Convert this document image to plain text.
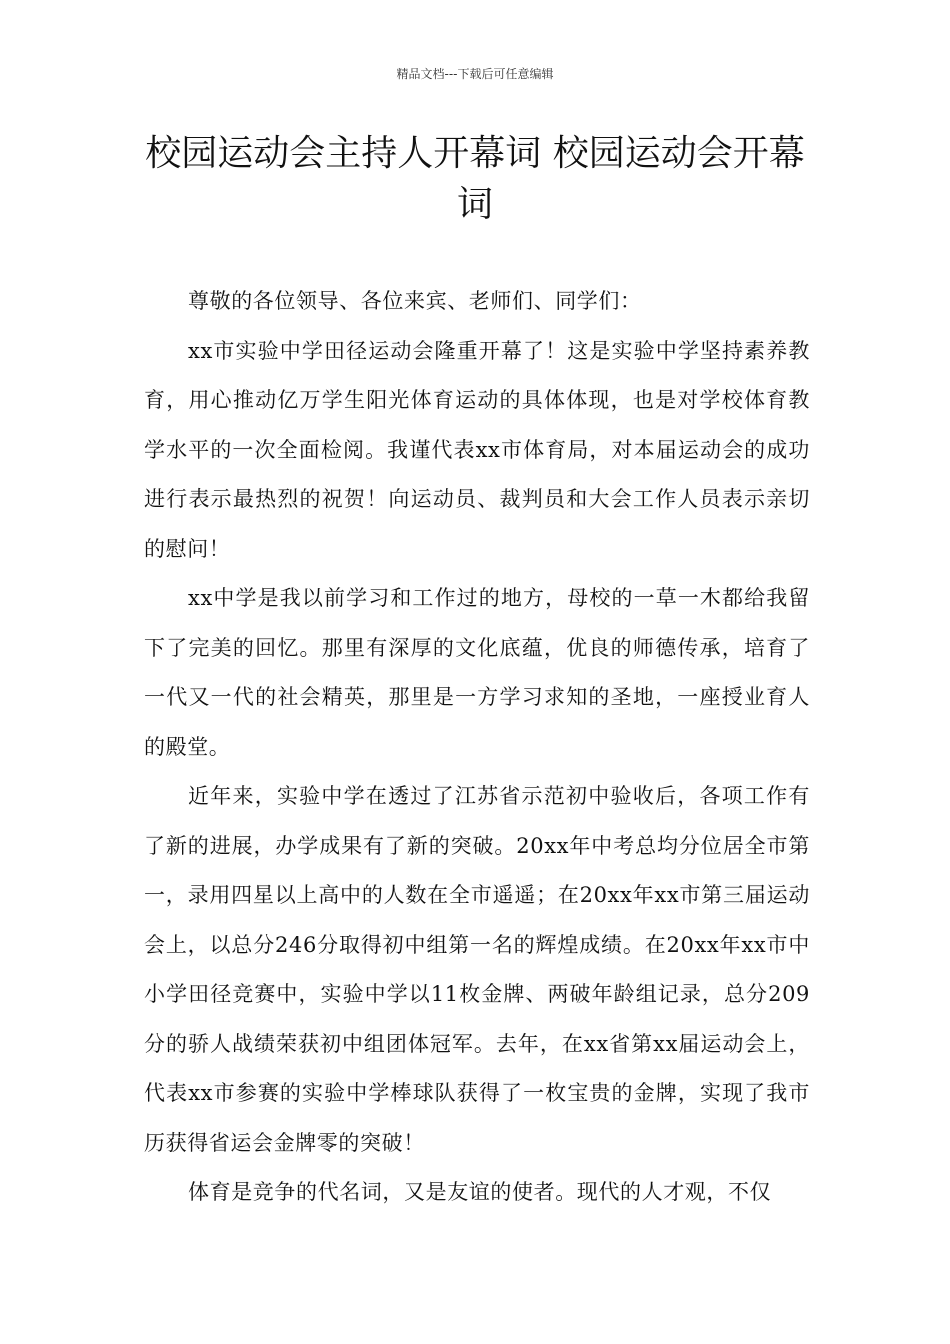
精品文档---下载后可任意编辑
校园运动会主持人开幕词 校园运动会开幕词

尊敬的各位领导、各位来宾、老师们、同学们：

xx市实验中学田径运动会隆重开幕了！这是实验中学坚持素养教育，用心推动亿万学生阳光体育运动的具体体现，也是对学校体育教学水平的一次全面检阅。我谨代表xx市体育局，对本届运动会的成功进行表示最热烈的祝贺！向运动员、裁判员和大会工作人员表示亲切的慰问！

xx中学是我以前学习和工作过的地方，母校的一草一木都给我留下了完美的回忆。那里有深厚的文化底蕴，优良的师德传承，培育了一代又一代的社会精英，那里是一方学习求知的圣地，一座授业育人的殿堂。

近年来，实验中学在透过了江苏省示范初中验收后，各项工作有了新的进展，办学成果有了新的突破。20xx年中考总均分位居全市第一，录用四星以上高中的人数在全市遥遥；在20xx年xx市第三届运动会上，以总分246分取得初中组第一名的辉煌成绩。在20xx年xx市中小学田径竞赛中，实验中学以11枚金牌、两破年龄组记录，总分209分的骄人战绩荣获初中组团体冠军。去年，在xx省第xx届运动会上，代表xx市参赛的实验中学棒球队获得了一枚宝贵的金牌，实现了我市历获得省运会金牌零的突破！

体育是竞争的代名词，又是友谊的使者。现代的人才观，不仅
